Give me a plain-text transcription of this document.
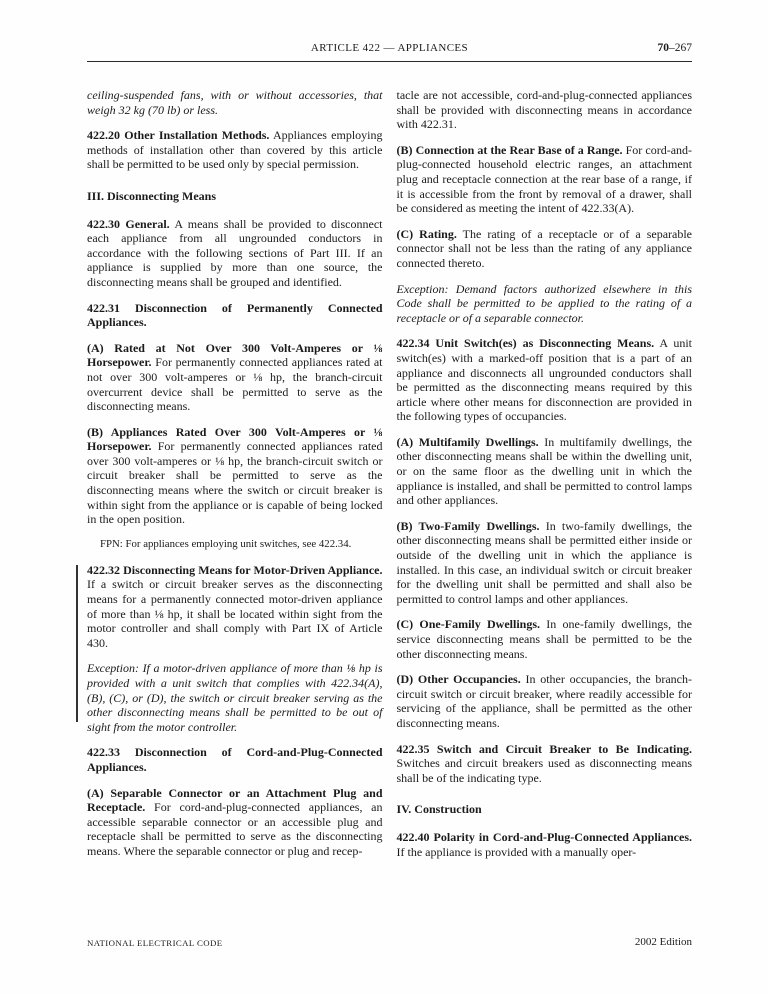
ARTICLE 422 — APPLIANCES	70–267

ceiling-suspended fans, with or without accessories, that weigh 32 kg (70 lb) or less.

422.20 Other Installation Methods. Appliances employing methods of installation other than covered by this article shall be permitted to be used only by special permission.

III. Disconnecting Means

422.30 General. A means shall be provided to disconnect each appliance from all ungrounded conductors in accordance with the following sections of Part III. If an appliance is supplied by more than one source, the disconnecting means shall be grouped and identified.

422.31 Disconnection of Permanently Connected Appliances.

(A) Rated at Not Over 300 Volt-Amperes or ⅛ Horsepower. For permanently connected appliances rated at not over 300 volt-amperes or ⅛ hp, the branch-circuit overcurrent device shall be permitted to serve as the disconnecting means.

(B) Appliances Rated Over 300 Volt-Amperes or ⅛ Horsepower. For permanently connected appliances rated over 300 volt-amperes or ⅛ hp, the branch-circuit switch or circuit breaker shall be permitted to serve as the disconnecting means where the switch or circuit breaker is within sight from the appliance or is capable of being locked in the open position.

FPN: For appliances employing unit switches, see 422.34.

422.32 Disconnecting Means for Motor-Driven Appliance. If a switch or circuit breaker serves as the disconnecting means for a permanently connected motor-driven appliance of more than ⅛ hp, it shall be located within sight from the motor controller and shall comply with Part IX of Article 430.

Exception: If a motor-driven appliance of more than ⅛ hp is provided with a unit switch that complies with 422.34(A), (B), (C), or (D), the switch or circuit breaker serving as the other disconnecting means shall be permitted to be out of sight from the motor controller.

422.33 Disconnection of Cord-and-Plug-Connected Appliances.

(A) Separable Connector or an Attachment Plug and Receptacle. For cord-and-plug-connected appliances, an accessible separable connector or an accessible plug and receptacle shall be permitted to serve as the disconnecting means. Where the separable connector or plug and recep-

tacle are not accessible, cord-and-plug-connected appliances shall be provided with disconnecting means in accordance with 422.31.

(B) Connection at the Rear Base of a Range. For cord-and-plug-connected household electric ranges, an attachment plug and receptacle connection at the rear base of a range, if it is accessible from the front by removal of a drawer, shall be considered as meeting the intent of 422.33(A).

(C) Rating. The rating of a receptacle or of a separable connector shall not be less than the rating of any appliance connected thereto.

Exception: Demand factors authorized elsewhere in this Code shall be permitted to be applied to the rating of a receptacle or of a separable connector.

422.34 Unit Switch(es) as Disconnecting Means. A unit switch(es) with a marked-off position that is a part of an appliance and disconnects all ungrounded conductors shall be permitted as the disconnecting means required by this article where other means for disconnection are provided in the following types of occupancies.

(A) Multifamily Dwellings. In multifamily dwellings, the other disconnecting means shall be within the dwelling unit, or on the same floor as the dwelling unit in which the appliance is installed, and shall be permitted to control lamps and other appliances.

(B) Two-Family Dwellings. In two-family dwellings, the other disconnecting means shall be permitted either inside or outside of the dwelling unit in which the appliance is installed. In this case, an individual switch or circuit breaker for the dwelling unit shall be permitted and shall also be permitted to control lamps and other appliances.

(C) One-Family Dwellings. In one-family dwellings, the service disconnecting means shall be permitted to be the other disconnecting means.

(D) Other Occupancies. In other occupancies, the branch-circuit switch or circuit breaker, where readily accessible for servicing of the appliance, shall be permitted as the other disconnecting means.

422.35 Switch and Circuit Breaker to Be Indicating. Switches and circuit breakers used as disconnecting means shall be of the indicating type.

IV. Construction

422.40 Polarity in Cord-and-Plug-Connected Appliances. If the appliance is provided with a manually oper-

NATIONAL ELECTRICAL CODE	2002 Edition
